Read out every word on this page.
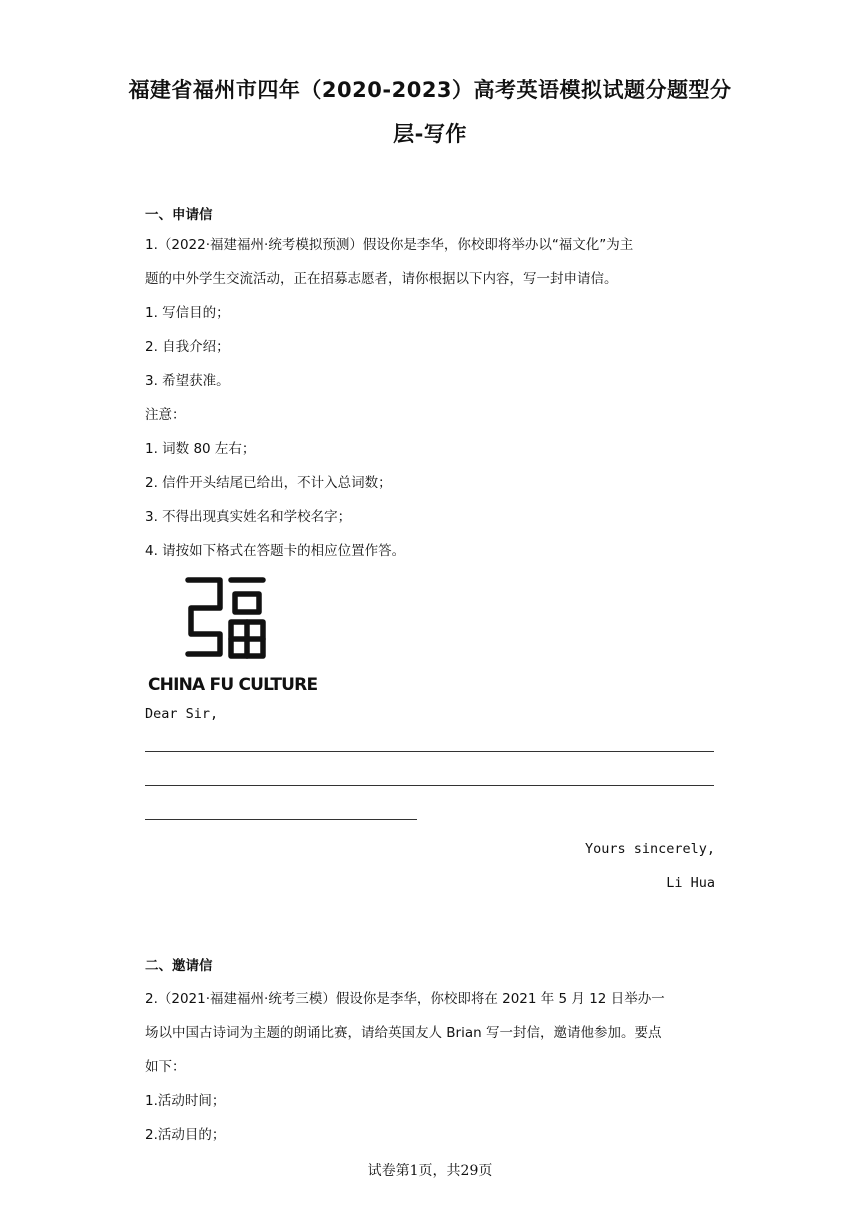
福建省福州市四年（2020-2023）高考英语模拟试题分题型分
层-写作
一、申请信
1.（2022·福建福州·统考模拟预测）假设你是李华，你校即将举办以“福文化”为主
题的中外学生交流活动，正在招募志愿者，请你根据以下内容，写一封申请信。
1. 写信目的；
2. 自我介绍；
3. 希望获准。
注意：
1. 词数 80 左右；
2. 信件开头结尾已给出，不计入总词数；
3. 不得出现真实姓名和学校名字；
4. 请按如下格式在答题卡的相应位置作答。
CHINA FU CULTURE
Dear Sir,
Yours sincerely,
Li Hua
二、邀请信
2.（2021·福建福州·统考三模）假设你是李华，你校即将在 2021 年 5 月 12 日举办一
场以中国古诗词为主题的朗诵比赛，请给英国友人 Brian 写一封信，邀请他参加。要点
如下：
1.活动时间；
2.活动目的；
试卷第1页，共29页
